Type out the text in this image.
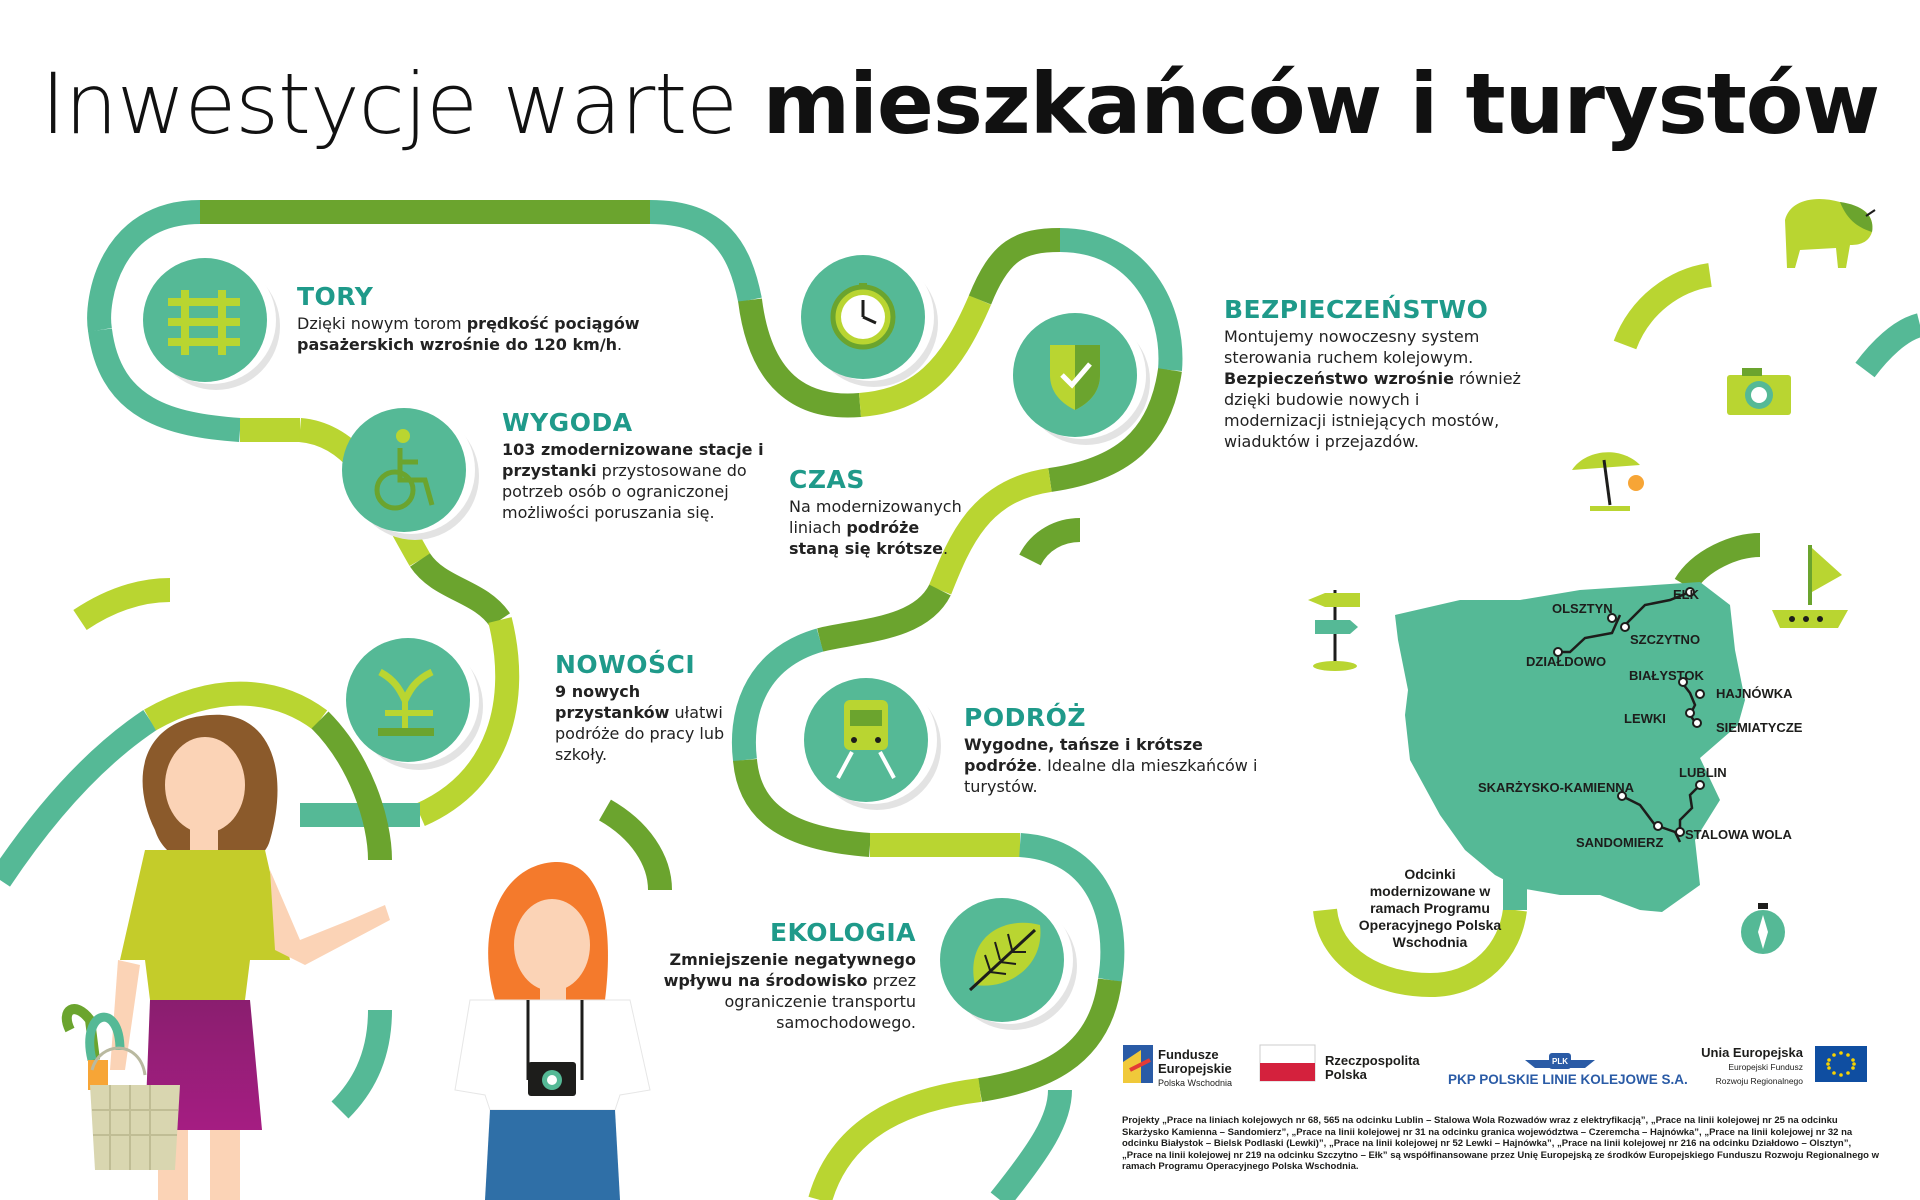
Inwestycje warte mieszkańców i turystów
TORY
Dzięki nowym torom prędkość pociągów pasażerskich wzrośnie do 120 km/h.
WYGODA
103 zmodernizowane stacje i przystanki przystosowane do potrzeb osób o ograniczonej możliwości poruszania się.
NOWOŚCI
9 nowych przystanków ułatwi podróże do pracy lub szkoły.
CZAS
Na modernizowanych liniach podróże staną się krótsze.
BEZPIECZEŃSTWO
Montujemy nowoczesny system sterowania ruchem kolejowym. Bezpieczeństwo wzrośnie również dzięki budowie nowych i modernizacji istniejących mostów, wiaduktów i przejazdów.
PODRÓŻ
Wygodne, tańsze i krótsze podróże. Idealne dla mieszkańców i turystów.
EKOLOGIA
Zmniejszenie negatywnego wpływu na środowisko przez ograniczenie transportu samochodowego.
OLSZTYN
EŁK
SZCZYTNO
DZIAŁDOWO
BIAŁYSTOK
HAJNÓWKA
LEWKI
SIEMIATYCZE
LUBLIN
SKARŻYSKO-KAMIENNA
SANDOMIERZ
STALOWA WOLA
Odcinki modernizowane w ramach Programu Operacyjnego Polska Wschodnia
Fundusze
Europejskie
Polska Wschodnia
Rzeczpospolita
Polska
PLK
PKP POLSKIE LINIE KOLEJOWE S.A.
Unia Europejska
Europejski Fundusz
Rozwoju Regionalnego
Projekty „Prace na liniach kolejowych nr 68, 565 na odcinku Lublin – Stalowa Wola Rozwadów wraz z elektryfikacją”, „Prace na linii kolejowej nr 25 na odcinku Skarżysko Kamienna – Sandomierz”, „Prace na linii kolejowej nr 31 na odcinku granica województwa – Czeremcha – Hajnówka”, „Prace na linii kolejowej nr 32 na odcinku Białystok – Bielsk Podlaski (Lewki)”, „Prace na linii kolejowej nr 52 Lewki – Hajnówka”, „Prace na linii kolejowej nr 216 na odcinku Działdowo – Olsztyn”, „Prace na linii kolejowej nr 219 na odcinku Szczytno – Ełk” są współfinansowane przez Unię Europejską ze środków Europejskiego Funduszu Rozwoju Regionalnego w ramach Programu Operacyjnego Polska Wschodnia.
